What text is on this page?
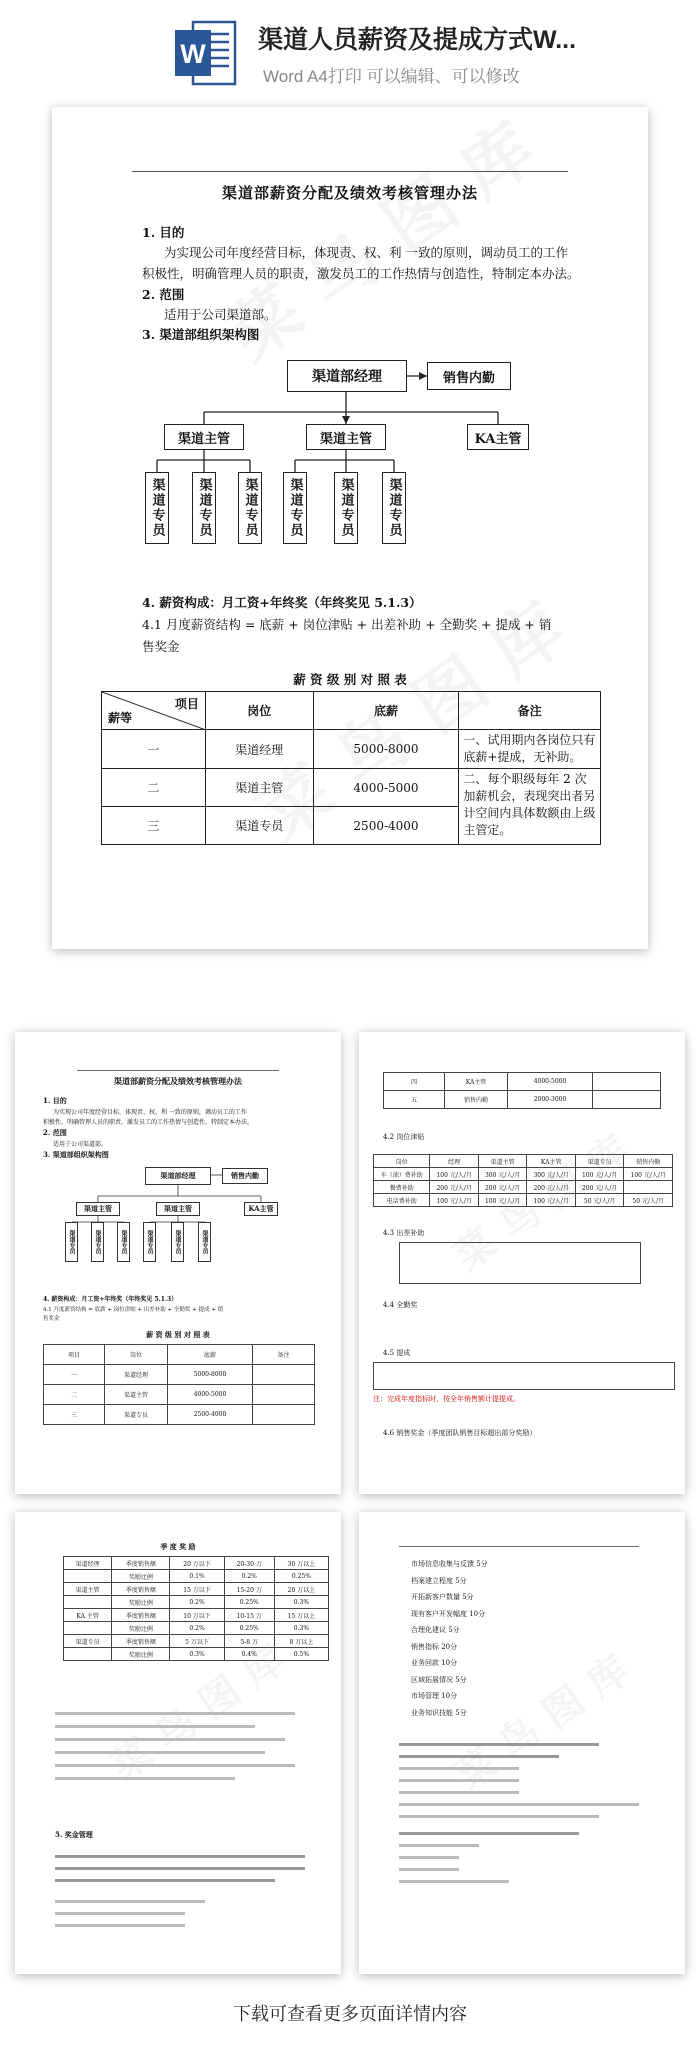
W 渠道人员薪资及提成方式W...
Word A4打印 可以编辑、可以修改
渠道部薪资分配及绩效考核管理办法
1. 目的
为实现公司年度经营目标，体现责、权、利 一致的原则，调动员工的工作
积极性，明确管理人员的职责，激发员工的工作热情与创造性，特制定本办法。
2. 范围
适用于公司渠道部。
3. 渠道部组织架构图
渠道部经理	销售内勤
渠道主管	渠道主管	KA主管
渠道专员	渠道专员	渠道专员	渠道专员	渠道专员	渠道专员
4. 薪资构成：月工资+年终奖（年终奖见 5.1.3）
4.1 月度薪资结构 = 底薪 + 岗位津贴 + 出差补助 + 全勤奖 + 提成 + 销
售奖金
薪 资 级 别 对 照 表
项目
薪等	岗位	底薪	备注
一	渠道经理	5000-8000	一、试用期内各岗位只有底薪+提成，无补助。
二	渠道主管	4000-5000	二、每个职级每年 2 次加薪机会，表现突出者另计空间内具体数额由上级主管定。
三	渠道专员	2500-4000	
渠道部薪资分配及绩效考核管理办法
1. 目的
为实现公司年度经营目标，体现责、权、利 一致的原则，调动员工的工作
积极性，明确管理人员的职责，激发员工的工作热情与创造性，特制定本办法。
2. 范围
适用于公司渠道部。
3. 渠道部组织架构图
渠道部经理	销售内勤
渠道主管	渠道主管	KA主管
渠道专员	渠道专员	渠道专员	渠道专员	渠道专员	渠道专员
4. 薪资构成：月工资+年终奖（年终奖见 5.1.3）
4.1 月度薪资结构 = 底薪 + 岗位津贴 + 出差补助 + 全勤奖 + 提成 + 销
售奖金
薪 资 级 别 对 照 表
项目	岗位	底薪	备注
一	渠道经理	5000-8000	
二	渠道主管	4000-5000	
三	渠道专员	2500-4000	
四	KA主管	4000-5000	
五	销售内勤	2000-3000	
4.2 岗位津贴
岗位	经理	渠道主管	KA主管	渠道专员	销售内勤
车（油）费补助	100 元/人/月	300 元/人/月	300 元/人/月	100 元/人/月	100 元/人/月
餐费补助	200 元/人/月	200 元/人/月	200 元/人/月	200 元/人/月	
电话费补助	100 元/人/月	100 元/人/月	100 元/人/月	50 元/人/月	50 元/人/月
4.3 出差补助
4.4 全勤奖
4.5 提成
注：完成年度指标时，按全年销售额计提提成。
4.6 销售奖金（季度团队销售目标超出部分奖励）
季 度 奖 励
渠道经理	季度销售额	20 万以下	20-30 万	30 万以上
	奖励比例	0.1%	0.2%	0.25%
渠道主管	季度销售额	15 万以下	15-20 万	20 万以上
	奖励比例	0.2%	0.25%	0.3%
KA 主管	季度销售额	10 万以下	10-15 万	15 万以上
	奖励比例	0.2%	0.25%	0.3%
渠道专员	季度销售额	5 万以下	5-8 万	8 万以上
	奖励比例	0.3%	0.4%	0.5%
5. 奖金管理
市场信息收集与反馈 5分
档案建立程度 5分
开拓新客户数量 5分
现有客户开发幅度 10分
合理化建议 5分
销售指标 20分
业务回款 10分
区域拓展情况 5分
市场管理 10分
业务知识技能 5分
下载可查看更多页面详情内容
